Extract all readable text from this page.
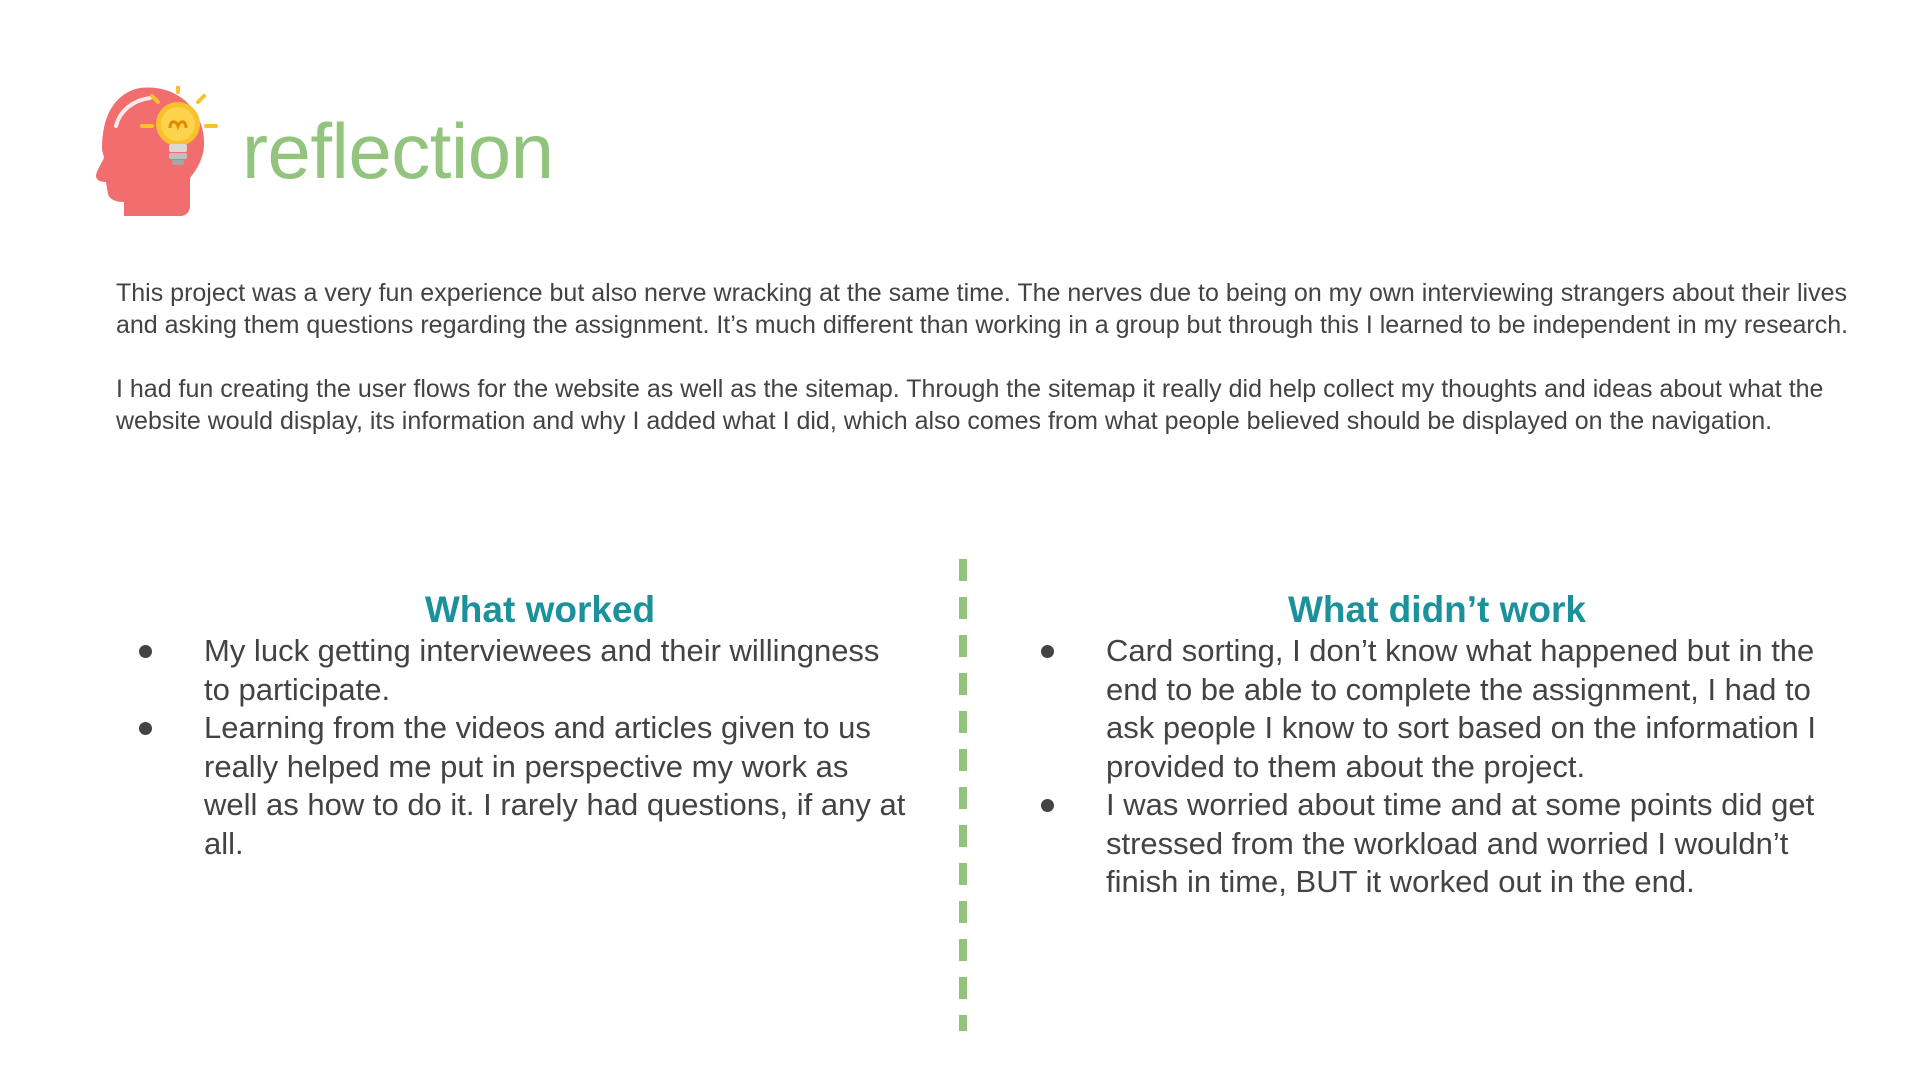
reflection

This project was a very fun experience but also nerve wracking at the same time. The nerves due to being on my own interviewing strangers about their lives and asking them questions regarding the assignment. It’s much different than working in a group but through this I learned to be independent in my research.

I had fun creating the user flows for the website as well as the sitemap. Through the sitemap it really did help collect my thoughts and ideas about what the website would display, its information and why I added what I did, which also comes from what people believed should be displayed on the navigation.

What worked
My luck getting interviewees and their willingness to participate.
Learning from the videos and articles given to us really helped me put in perspective my work as well as how to do it. I rarely had questions, if any at all.
What didn’t work
Card sorting, I don’t know what happened but in the end to be able to complete the assignment, I had to ask people I know to sort based on the information I provided to them about the project.
I was worried about time and at some points did get stressed from the workload and worried I wouldn’t finish in time, BUT it worked out in the end.
